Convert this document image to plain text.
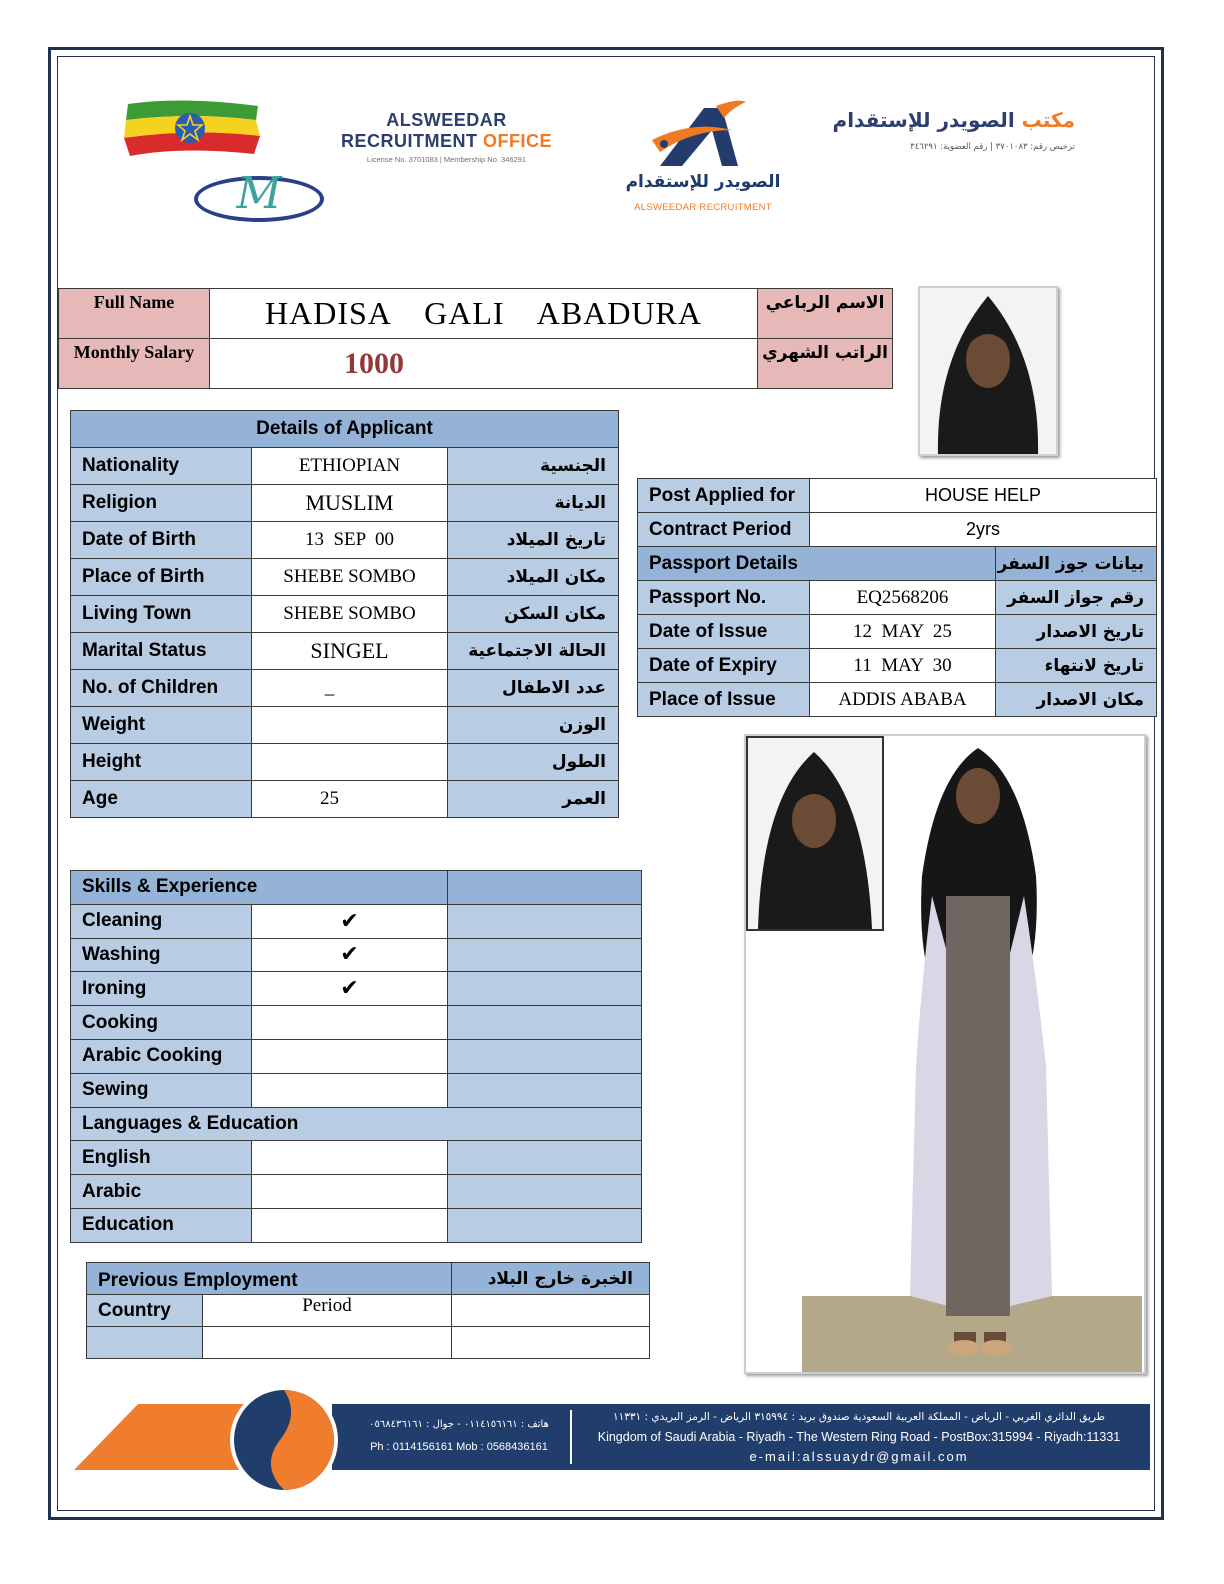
M
ALSWEEDAR
RECRUITMENT OFFICE
License No. 3701083 | Membership No. 346291
الصويدر للإستقدام
ALSWEEDAR RECRUITMENT
مكتب الصويدر للإستقدام
ترخيص رقم: ٣٧٠١٠٨٣ | رقم العضوية: ٣٤٦٢٩١
Full Name	HADISA  GALI  ABADURA	الاسم الرباعي
Monthly Salary	1000	الراتب الشهري
Details of Applicant		
Nationality	ETHIOPIAN	الجنسية
Religion	MUSLIM	الديانة
Date of Birth	13  SEP  00	تاريخ الميلاد
Place of Birth	SHEBE SOMBO	مكان الميلاد
Living Town	SHEBE SOMBO	مكان السكن
Marital Status	SINGEL	الحالة الاجتماعية
No. of Children	_	عدد الاطفال
Weight		الوزن
Height		الطول
Age	25	العمر
Post Applied for	HOUSE HELP	
Contract Period	2yrs	
Passport Details		بيانات جوز السفر
Passport No.	EQ2568206	رقم جواز السفر
Date of Issue	12  MAY  25	تاريخ الاصدار
Date of Expiry	11  MAY  30	تاريخ لانتهاء
Place of Issue	ADDIS ABABA	مكان الاصدار
Skills & Experience		
Cleaning	✔	
Washing	✔	
Ironing	✔	
Cooking		
Arabic Cooking		
Sewing		
Languages & Education		
English		
Arabic		
Education		
Previous Employment		الخبرة خارج البلاد
Country	Period	

هاتف : ٠١١٤١٥٦١٦١ - جوال : ٠٥٦٨٤٣٦١٦١
Ph : 0114156161 Mob : 0568436161
طريق الدائري الغربي - الرياض - المملكة العربية السعودية صندوق بريد : ٣١٥٩٩٤ الرياض - الرمز البريدي : ١١٣٣١
Kingdom of Saudi Arabia - Riyadh - The Western Ring Road - PostBox:315994 - Riyadh:11331
e-mail:alssuaydr@gmail.com
